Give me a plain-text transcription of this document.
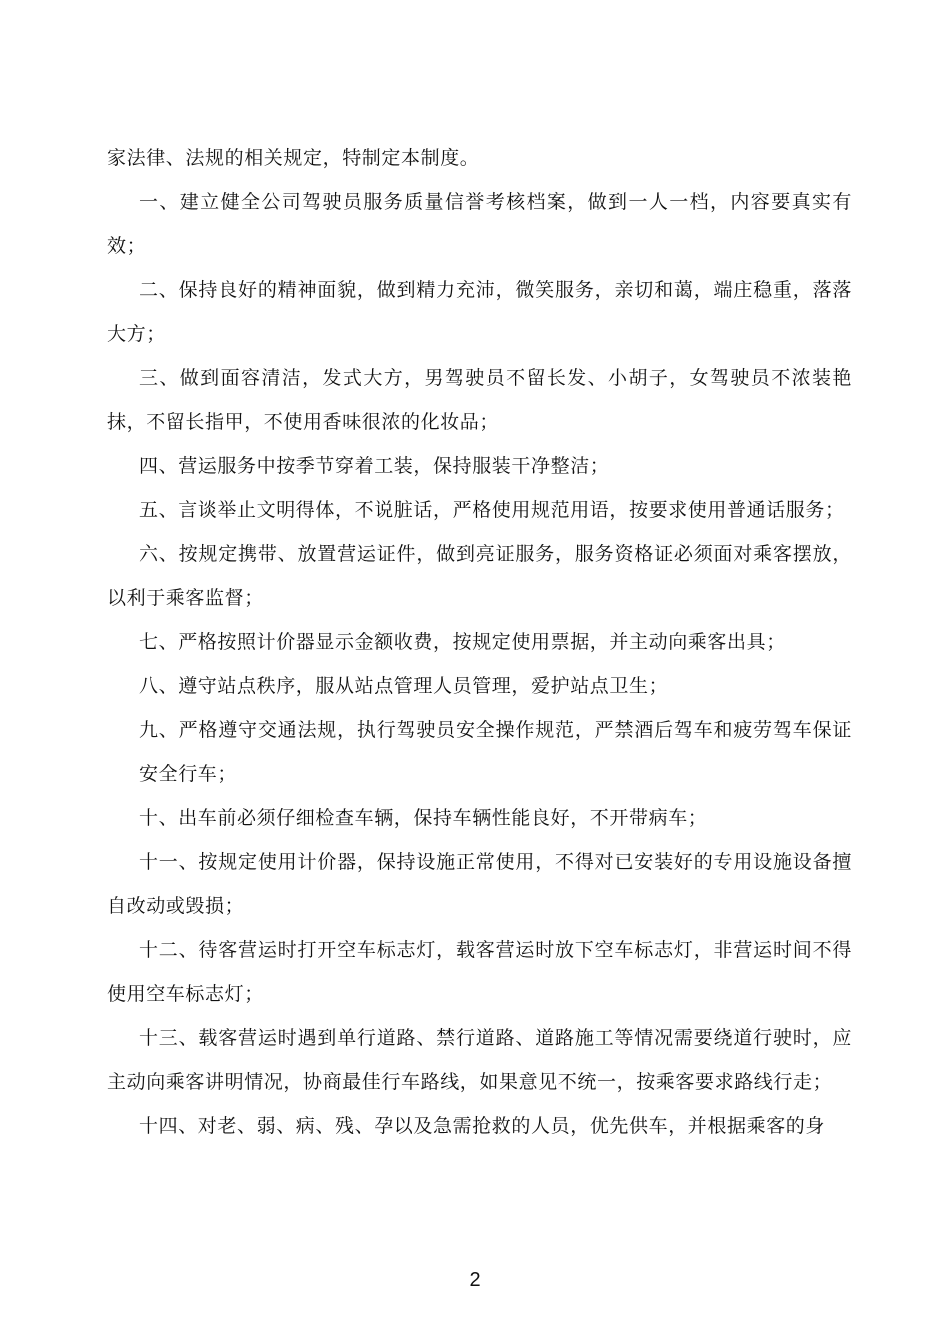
家法律、法规的相关规定，特制定本制度。

一、建立健全公司驾驶员服务质量信誉考核档案，做到一人一档，内容要真实有效；

二、保持良好的精神面貌，做到精力充沛，微笑服务，亲切和蔼，端庄稳重，落落大方；

三、做到面容清洁，发式大方，男驾驶员不留长发、小胡子，女驾驶员不浓装艳抹，不留长指甲，不使用香味很浓的化妆品；

四、营运服务中按季节穿着工装，保持服装干净整洁；

五、言谈举止文明得体，不说脏话，严格使用规范用语，按要求使用普通话服务；

六、按规定携带、放置营运证件，做到亮证服务，服务资格证必须面对乘客摆放，以利于乘客监督；

七、严格按照计价器显示金额收费，按规定使用票据，并主动向乘客出具；

八、遵守站点秩序，服从站点管理人员管理，爱护站点卫生；

九、严格遵守交通法规，执行驾驶员安全操作规范，严禁酒后驾车和疲劳驾车保证安全行车；

十、出车前必须仔细检查车辆，保持车辆性能良好，不开带病车；

十一、按规定使用计价器，保持设施正常使用，不得对已安装好的专用设施设备擅自改动或毁损；

十二、待客营运时打开空车标志灯，载客营运时放下空车标志灯，非营运时间不得使用空车标志灯；

十三、载客营运时遇到单行道路、禁行道路、道路施工等情况需要绕道行驶时，应主动向乘客讲明情况，协商最佳行车路线，如果意见不统一，按乘客要求路线行走；

十四、对老、弱、病、残、孕以及急需抢救的人员，优先供车，并根据乘客的身

2
